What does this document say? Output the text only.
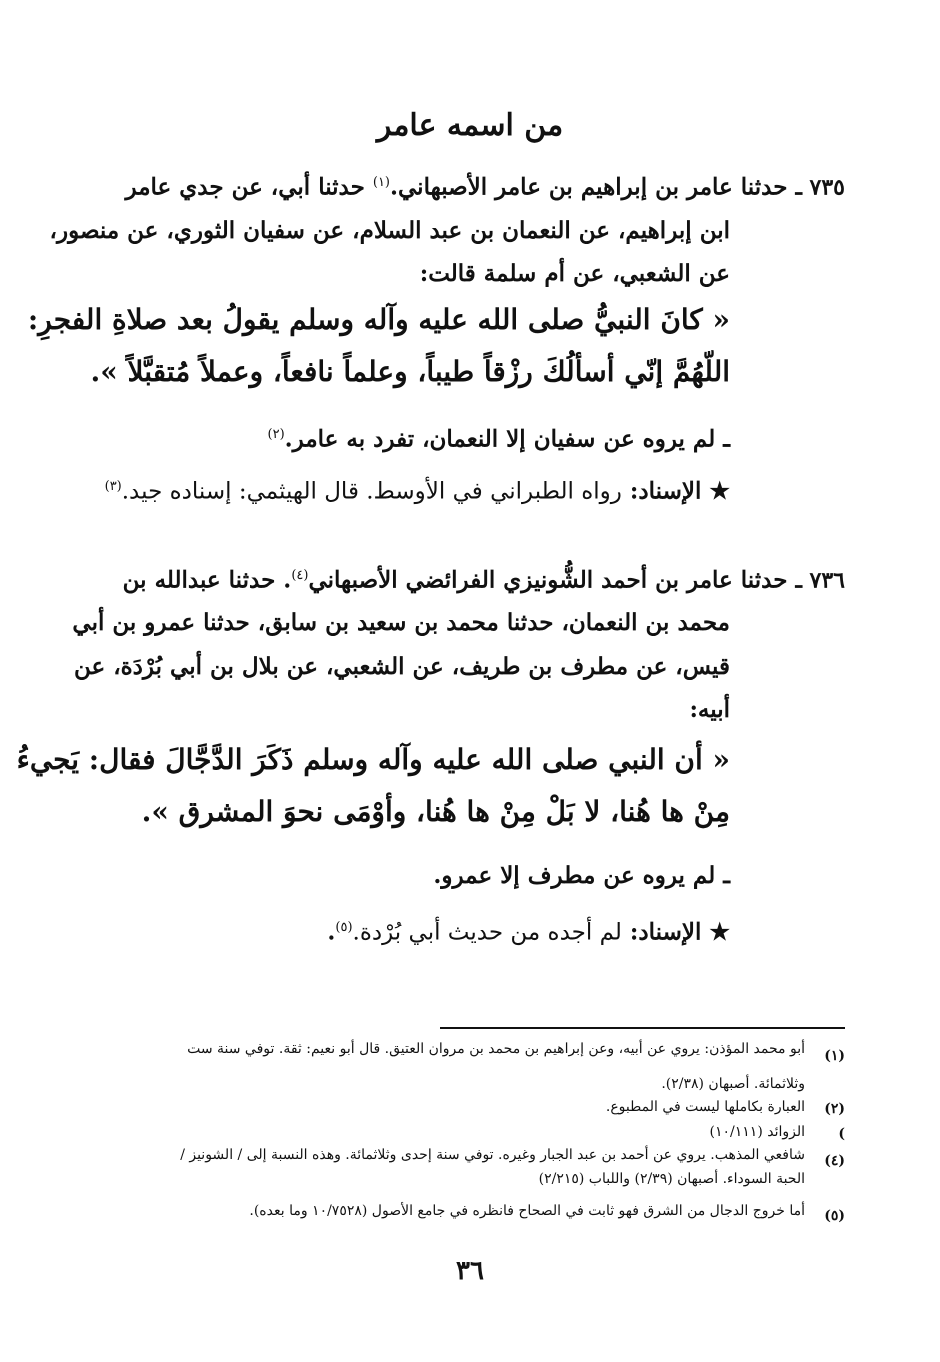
من اسمه عامر
٧٣٥ ـ حدثنا عامر بن إبراهيم بن عامر الأصبهاني.$^{(١)}$ حدثنا أبي، عن جدي عامر
ابن إبراهيم، عن النعمان بن عبد السلام، عن سفيان الثوري، عن منصور،
عن الشعبي، عن أم سلمة قالت:
« كانَ النبيُّ صلى الله عليه وآله وسلم يقولُ بعد صلاةِ الفجرِ:
اللّهُمَّ إنّي أسألُكَ رزْقاً طيباً، وعلماً نافعاً، وعملاً مُتقبَّلاً ».
ـ لم يروه عن سفيان إلا النعمان، تفرد به عامر.$^{(٢)}$
★ الإسناد: رواه الطبراني في الأوسط. قال الهيثمي: إسناده جيد.$^{(٣)}$
٧٣٦ ـ حدثنا عامر بن أحمد الشُّونيزي الفرائضي الأصبهاني$^{(٤)}$. حدثنا عبدالله بن
محمد بن النعمان، حدثنا محمد بن سعيد بن سابق، حدثنا عمرو بن أبي
قيس، عن مطرف بن طريف، عن الشعبي، عن بلال بن أبي بُرْدَة، عن
أبيه:
« أن النبي صلى الله عليه وآله وسلم ذَكَرَ الدَّجَّالَ فقال: يَجيءُ
مِنْ ها هُنا، لا بَلْ مِنْ ها هُنا، وأوْمَى نحوَ المشرق ».
ـ لم يروه عن مطرف إلا عمرو.
★ الإسناد: لم أجده من حديث أبي بُرْدة.$^{(٥)}$.
(١)
أبو محمد المؤذن: يروي عن أبيه، وعن إبراهيم بن محمد بن مروان العتيق. قال أبو نعيم: ثقة. توفي سنة ست
وثلاثمائة. أصبهان (٢/٣٨).
(٢)
العبارة بكاملها ليست في المطبوع.
)
الزوائد (١٠/١١١)
(٤)
شافعي المذهب. يروي عن أحمد بن عبد الجبار وغيره. توفي سنة إحدى وثلاثمائة. وهذه النسبة إلى / الشونيز /
الحبة السوداء. أصبهان (٢/٣٩) واللباب (٢/٢١٥)
(٥)
أما خروج الدجال من الشرق فهو ثابت في الصحاح فانظره في جامع الأصول (١٠/٧٥٢٨ وما بعده).
٣٦
